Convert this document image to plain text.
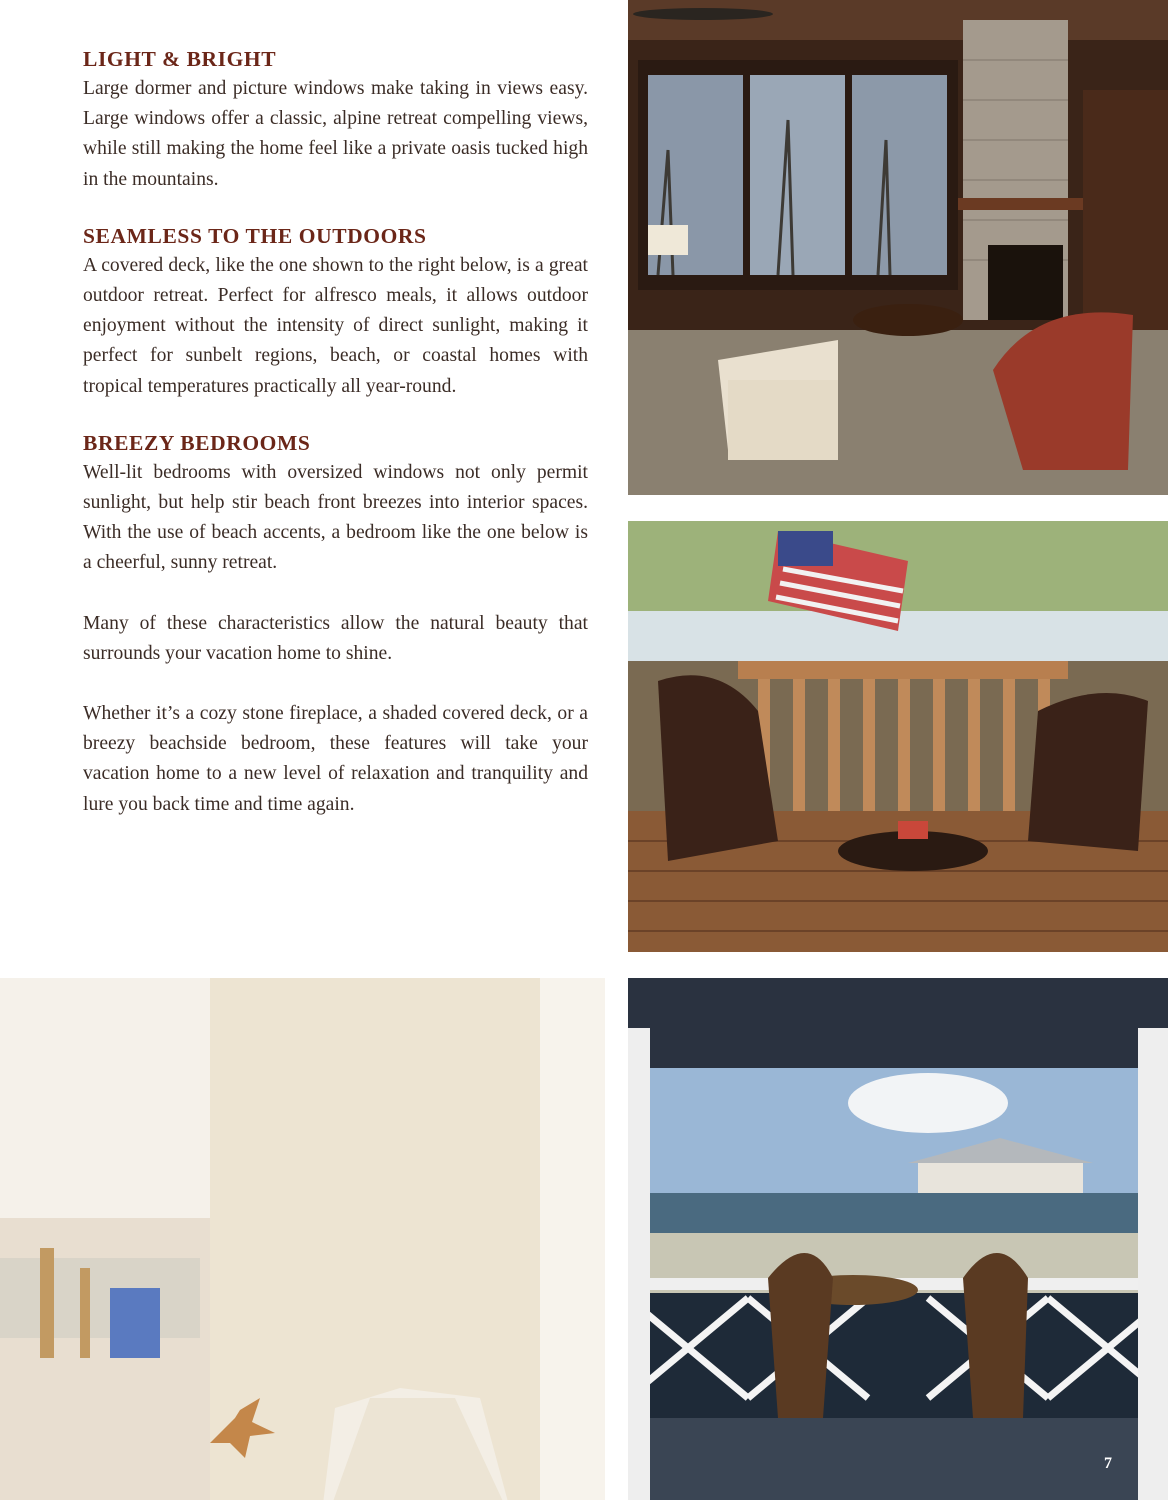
LIGHT & BRIGHT

Large dormer and picture windows make taking in views easy. Large windows offer a classic, alpine retreat compelling views, while still making the home feel like a private oasis tucked high in the mountains.

SEAMLESS TO THE OUTDOORS

A covered deck, like the one shown to the right below, is a great outdoor retreat. Perfect for alfresco meals, it allows outdoor enjoyment without the intensity of direct sunlight, making it perfect for sunbelt regions, beach, or coastal homes with tropical temperatures practically all year-round.

BREEZY BEDROOMS

Well-lit bedrooms with oversized windows not only permit sunlight, but help stir beach front breezes into interior spaces. With the use of beach accents, a bedroom like the one below is a cheerful, sunny retreat.

Many of these characteristics allow the natural beauty that surrounds your vacation home to shine.

Whether it’s a cozy stone fireplace, a shaded covered deck, or a breezy beachside bedroom, these features will take your vacation home to a new level of relaxation and tranquility and lure you back time and time again.

7
